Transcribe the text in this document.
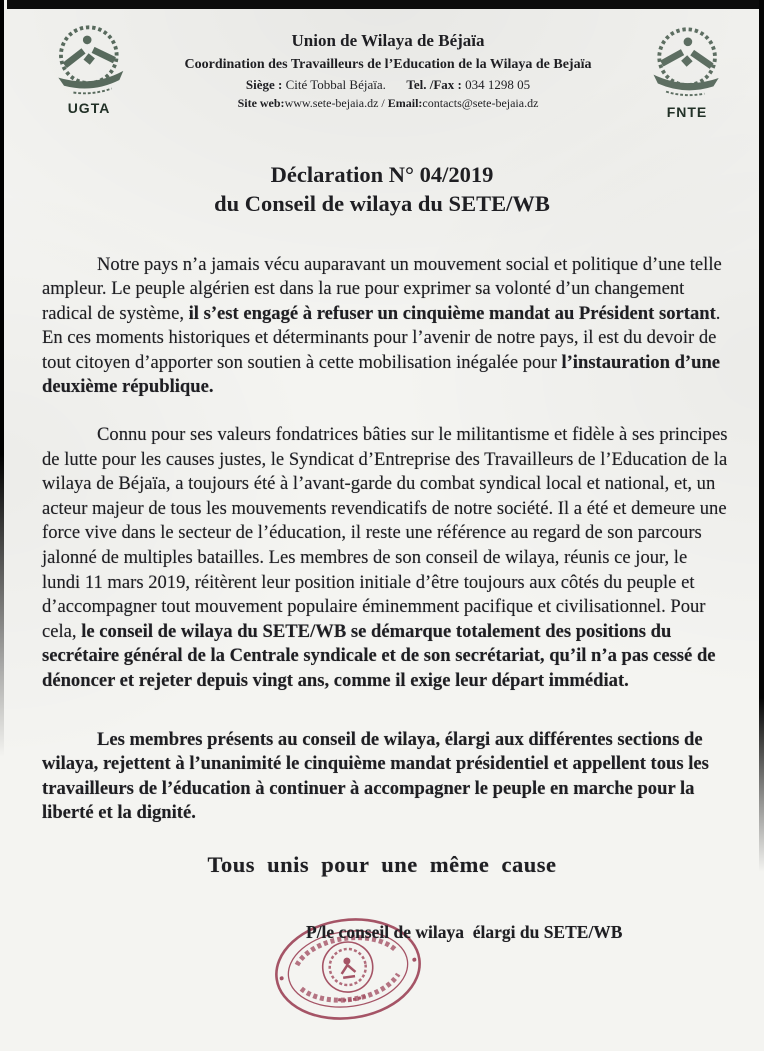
UGTA
Union de Wilaya de Béjaïa
Coordination des Travailleurs de l’Education de la Wilaya de Bejaïa
Siège : Cité Tobbal Béjaïa. Tel. /Fax : 034 1298 05
Site web:www.sete-bejaia.dz / Email:contacts@sete-bejaia.dz
FNTE
Déclaration N° 04/2019
du Conseil de wilaya du SETE/WB

Notre pays n’a jamais vécu auparavant un mouvement social et politique d’une telle ampleur. Le peuple algérien est dans la rue pour exprimer sa volonté d’un changement radical de système, il s’est engagé à refuser un cinquième mandat au Président sortant. En ces moments historiques et déterminants pour l’avenir de notre pays, il est du devoir de tout citoyen d’apporter son soutien à cette mobilisation inégalée pour l’instauration d’une deuxième république.

Connu pour ses valeurs fondatrices bâties sur le militantisme et fidèle à ses principes de lutte pour les causes justes, le Syndicat d’Entreprise des Travailleurs de l’Education de la wilaya de Béjaïa, a toujours été à l’avant-garde du combat syndical local et national, et, un acteur majeur de tous les mouvements revendicatifs de notre société. Il a été et demeure une force vive dans le secteur de l’éducation, il reste une référence au regard de son parcours jalonné de multiples batailles. Les membres de son conseil de wilaya, réunis ce jour, le lundi 11 mars 2019, réitèrent leur position initiale d’être toujours aux côtés du peuple et d’accompagner tout mouvement populaire éminemment pacifique et civilisationnel. Pour cela, le conseil de wilaya du SETE/WB se démarque totalement des positions du secrétaire général de la Centrale syndicale et de son secrétariat, qu’il n’a pas cessé de dénoncer et rejeter depuis vingt ans, comme il exige leur départ immédiat.

Les membres présents au conseil de wilaya, élargi aux différentes sections de wilaya, rejettent à l’unanimité le cinquième mandat présidentiel et appellent tous les travailleurs de l’éducation à continuer à accompagner le peuple en marche pour la liberté et la dignité.

Tous unis pour une même cause
P/le conseil de wilaya  élargi du SETE/WB
